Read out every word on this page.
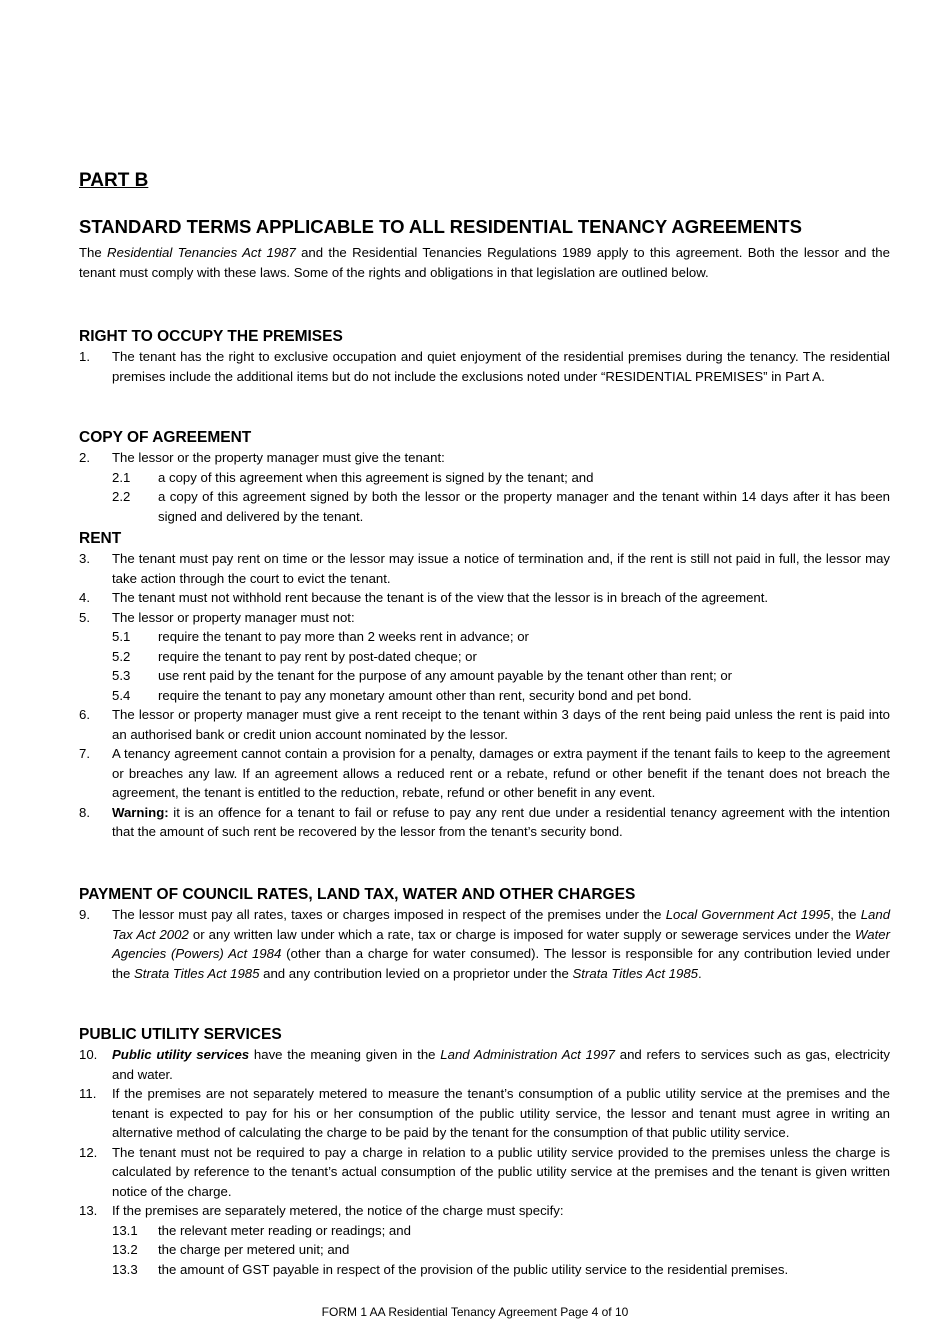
PART B
STANDARD TERMS APPLICABLE TO ALL RESIDENTIAL TENANCY AGREEMENTS
The Residential Tenancies Act 1987 and the Residential Tenancies Regulations 1989 apply to this agreement. Both the lessor and the tenant must comply with these laws. Some of the rights and obligations in that legislation are outlined below.
RIGHT TO OCCUPY THE PREMISES
1. The tenant has the right to exclusive occupation and quiet enjoyment of the residential premises during the tenancy. The residential premises include the additional items but do not include the exclusions noted under “RESIDENTIAL PREMISES” in Part A.
COPY OF AGREEMENT
2. The lessor or the property manager must give the tenant:
2.1 a copy of this agreement when this agreement is signed by the tenant; and
2.2 a copy of this agreement signed by both the lessor or the property manager and the tenant within 14 days after it has been signed and delivered by the tenant.
RENT
3. The tenant must pay rent on time or the lessor may issue a notice of termination and, if the rent is still not paid in full, the lessor may take action through the court to evict the tenant.
4. The tenant must not withhold rent because the tenant is of the view that the lessor is in breach of the agreement.
5. The lessor or property manager must not:
5.1 require the tenant to pay more than 2 weeks rent in advance; or
5.2 require the tenant to pay rent by post-dated cheque; or
5.3 use rent paid by the tenant for the purpose of any amount payable by the tenant other than rent; or
5.4 require the tenant to pay any monetary amount other than rent, security bond and pet bond.
6. The lessor or property manager must give a rent receipt to the tenant within 3 days of the rent being paid unless the rent is paid into an authorised bank or credit union account nominated by the lessor.
7. A tenancy agreement cannot contain a provision for a penalty, damages or extra payment if the tenant fails to keep to the agreement or breaches any law. If an agreement allows a reduced rent or a rebate, refund or other benefit if the tenant does not breach the agreement, the tenant is entitled to the reduction, rebate, refund or other benefit in any event.
8. Warning: it is an offence for a tenant to fail or refuse to pay any rent due under a residential tenancy agreement with the intention that the amount of such rent be recovered by the lessor from the tenant’s security bond.
PAYMENT OF COUNCIL RATES, LAND TAX, WATER AND OTHER CHARGES
9. The lessor must pay all rates, taxes or charges imposed in respect of the premises under the Local Government Act 1995, the Land Tax Act 2002 or any written law under which a rate, tax or charge is imposed for water supply or sewerage services under the Water Agencies (Powers) Act 1984 (other than a charge for water consumed). The lessor is responsible for any contribution levied under the Strata Titles Act 1985 and any contribution levied on a proprietor under the Strata Titles Act 1985.
PUBLIC UTILITY SERVICES
10. Public utility services have the meaning given in the Land Administration Act 1997 and refers to services such as gas, electricity and water.
11. If the premises are not separately metered to measure the tenant’s consumption of a public utility service at the premises and the tenant is expected to pay for his or her consumption of the public utility service, the lessor and tenant must agree in writing an alternative method of calculating the charge to be paid by the tenant for the consumption of that public utility service.
12. The tenant must not be required to pay a charge in relation to a public utility service provided to the premises unless the charge is calculated by reference to the tenant’s actual consumption of the public utility service at the premises and the tenant is given written notice of the charge.
13. If the premises are separately metered, the notice of the charge must specify:
13.1 the relevant meter reading or readings; and
13.2 the charge per metered unit; and
13.3 the amount of GST payable in respect of the provision of the public utility service to the residential premises.
FORM 1 AA Residential Tenancy Agreement Page 4 of 10
